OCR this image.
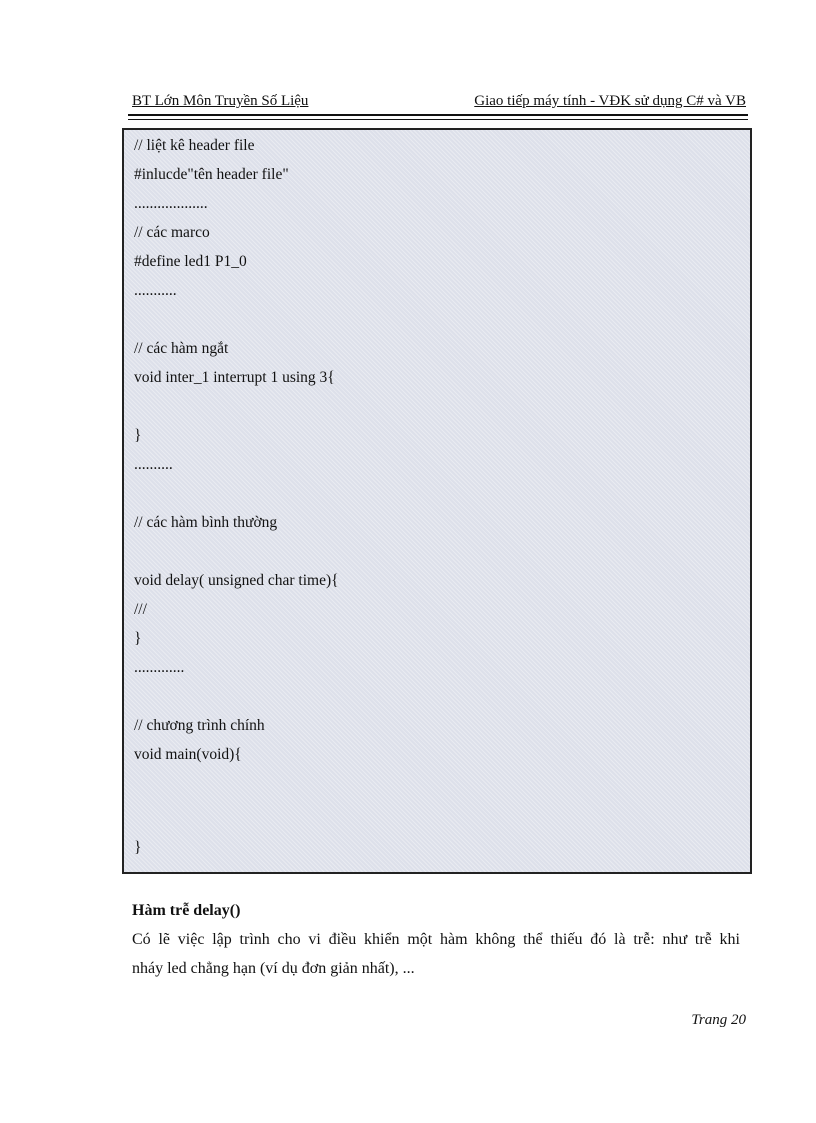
BT Lớn Môn Truyền Số Liệu	Giao tiếp máy tính - VĐK sử dụng C# và VB
// liệt kê header file
#inlucde"tên header file"
...................
// các marco
#define led1 P1_0
...........
// các hàm ngắt
void inter_1 interrupt 1 using 3{
}
..........
// các hàm bình thường
void delay( unsigned char time){
///
}
.............
// chương trình chính
void main(void){
}
Hàm trễ delay()
Có lẽ việc lập trình cho vi điều khiển một hàm không thể thiếu đó là trễ: như trễ khi
nháy led chẳng hạn (ví dụ đơn giản nhất), ...
Trang 20
